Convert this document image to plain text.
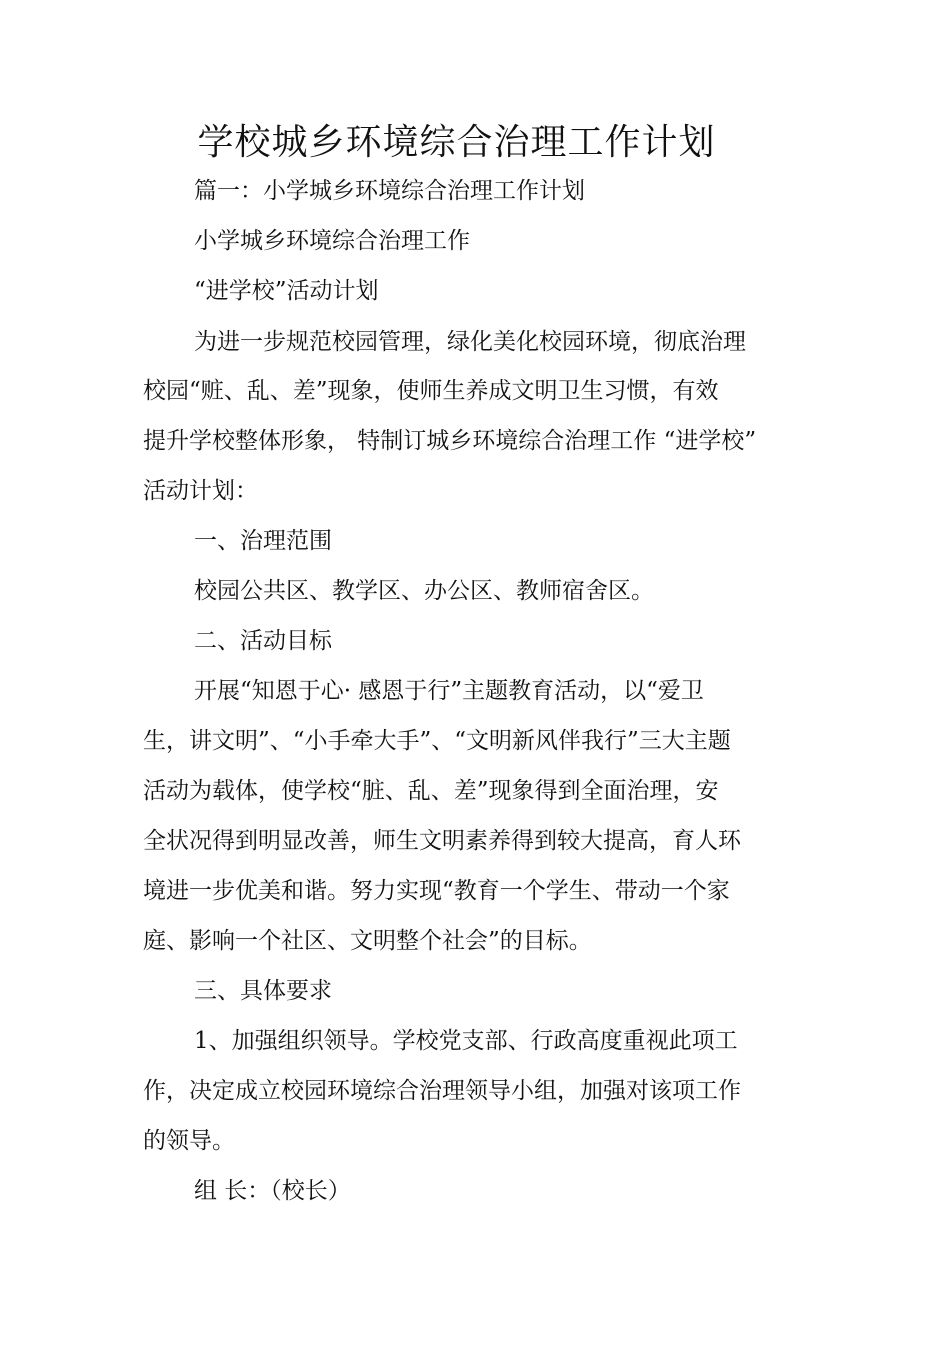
学校城乡环境综合治理工作计划

篇一：小学城乡环境综合治理工作计划

小学城乡环境综合治理工作

“进学校”活动计划

为进一步规范校园管理，绿化美化校园环境，彻底治理

校园“赃、乱、差”现象，使师生养成文明卫生习惯，有效

提升学校整体形象， 特制订城乡环境综合治理工作 “进学校”

活动计划：

一、治理范围

校园公共区、教学区、办公区、教师宿舍区。

二、活动目标

开展“知恩于心· 感恩于行”主题教育活动，以“爱卫

生，讲文明”、“小手牵大手”、“文明新风伴我行”三大主题

活动为载体，使学校“脏、乱、差”现象得到全面治理，安

全状况得到明显改善，师生文明素养得到较大提高，育人环

境进一步优美和谐。努力实现“教育一个学生、带动一个家

庭、影响一个社区、文明整个社会”的目标。

三、具体要求

1、加强组织领导。学校党支部、行政高度重视此项工

作，决定成立校园环境综合治理领导小组，加强对该项工作

的领导。

组 长：（校长）
